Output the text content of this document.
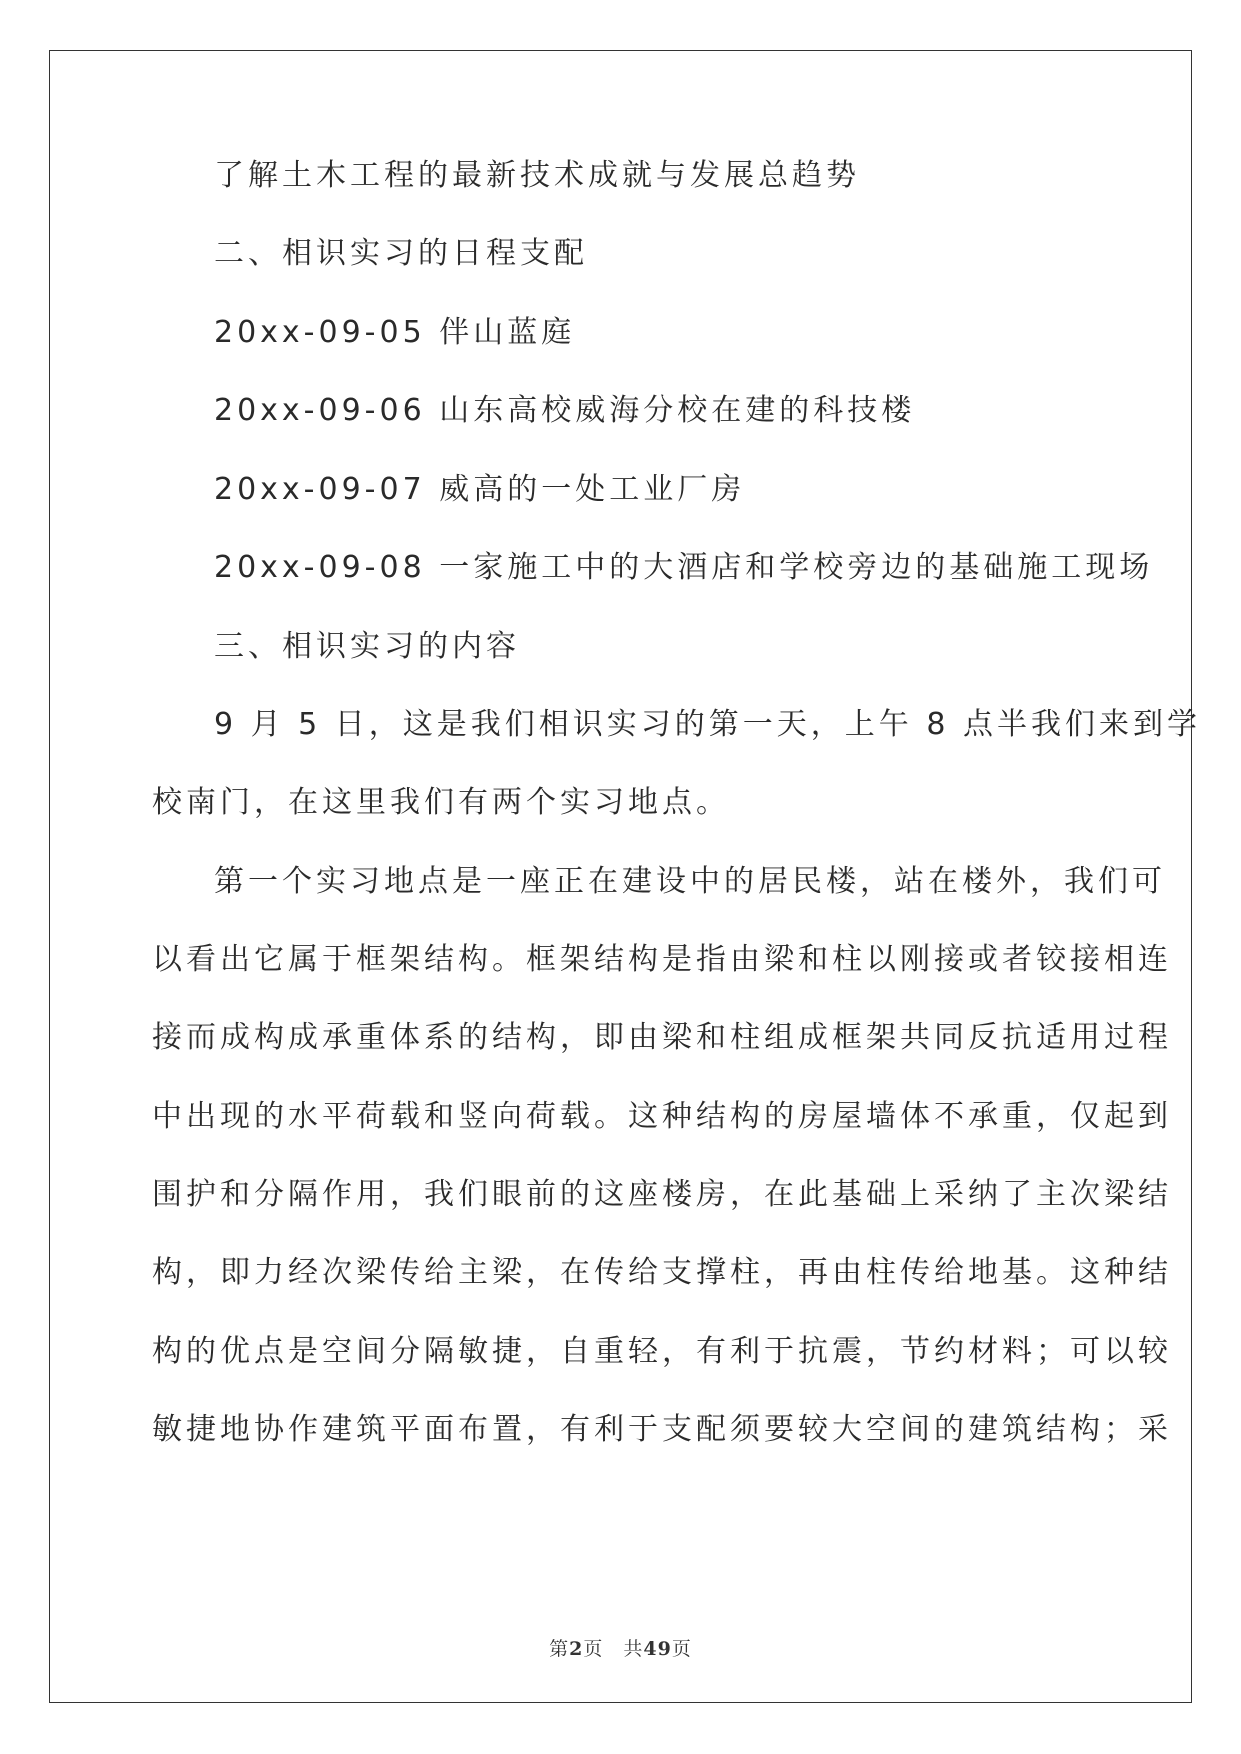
了解土木工程的最新技术成就与发展总趋势
二、相识实习的日程支配
20xx-09-05 伴山蓝庭
20xx-09-06 山东高校威海分校在建的科技楼
20xx-09-07 威高的一处工业厂房
20xx-09-08 一家施工中的大酒店和学校旁边的基础施工现场
三、相识实习的内容
9 月 5 日，这是我们相识实习的第一天，上午 8 点半我们来到学
校南门，在这里我们有两个实习地点。
第一个实习地点是一座正在建设中的居民楼，站在楼外，我们可
以看出它属于框架结构。框架结构是指由梁和柱以刚接或者铰接相连
接而成构成承重体系的结构，即由梁和柱组成框架共同反抗适用过程
中出现的水平荷载和竖向荷载。这种结构的房屋墙体不承重，仅起到
围护和分隔作用，我们眼前的这座楼房，在此基础上采纳了主次梁结
构，即力经次梁传给主梁，在传给支撑柱，再由柱传给地基。这种结
构的优点是空间分隔敏捷，自重轻，有利于抗震，节约材料；可以较
敏捷地协作建筑平面布置，有利于支配须要较大空间的建筑结构；采
第2页 共49页
